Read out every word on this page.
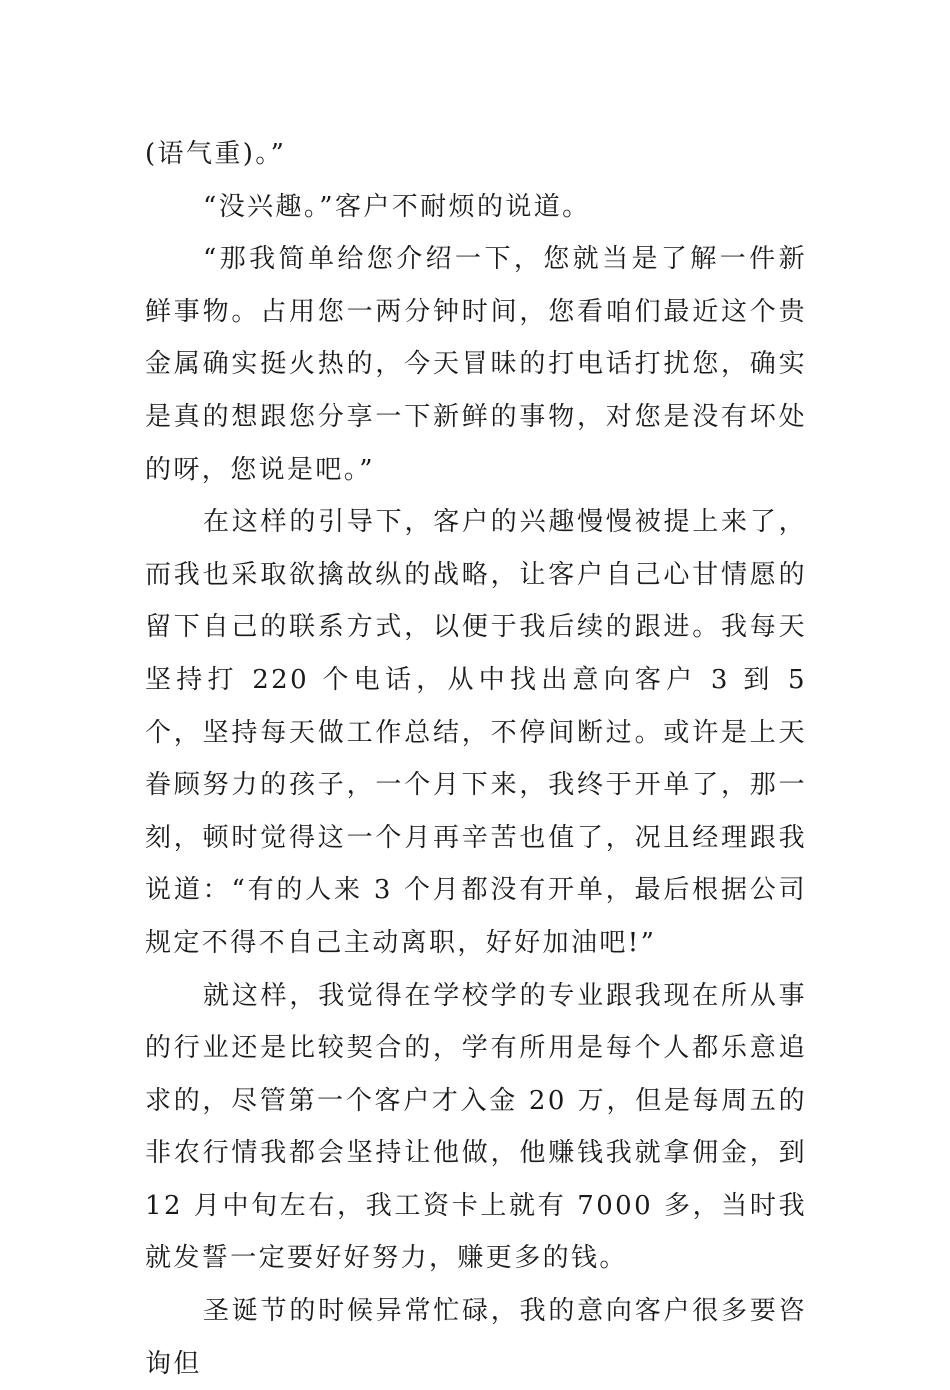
(语气重)。”

“没兴趣。”客户不耐烦的说道。

“那我简单给您介绍一下，您就当是了解一件新鲜事物。占用您一两分钟时间，您看咱们最近这个贵金属确实挺火热的，今天冒昧的打电话打扰您，确实是真的想跟您分享一下新鲜的事物，对您是没有坏处的呀，您说是吧。”

在这样的引导下，客户的兴趣慢慢被提上来了，而我也采取欲擒故纵的战略，让客户自己心甘情愿的留下自己的联系方式，以便于我后续的跟进。我每天坚持打 220 个电话，从中找出意向客户 3 到 5 个，坚持每天做工作总结，不停间断过。或许是上天眷顾努力的孩子，一个月下来，我终于开单了，那一刻，顿时觉得这一个月再辛苦也值了，况且经理跟我说道：“有的人来 3 个月都没有开单，最后根据公司规定不得不自己主动离职，好好加油吧!”

就这样，我觉得在学校学的专业跟我现在所从事的行业还是比较契合的，学有所用是每个人都乐意追求的，尽管第一个客户才入金 20 万，但是每周五的非农行情我都会坚持让他做，他赚钱我就拿佣金，到 12 月中旬左右，我工资卡上就有 7000 多，当时我就发誓一定要好好努力，赚更多的钱。

圣诞节的时候异常忙碌，我的意向客户很多要咨询但
